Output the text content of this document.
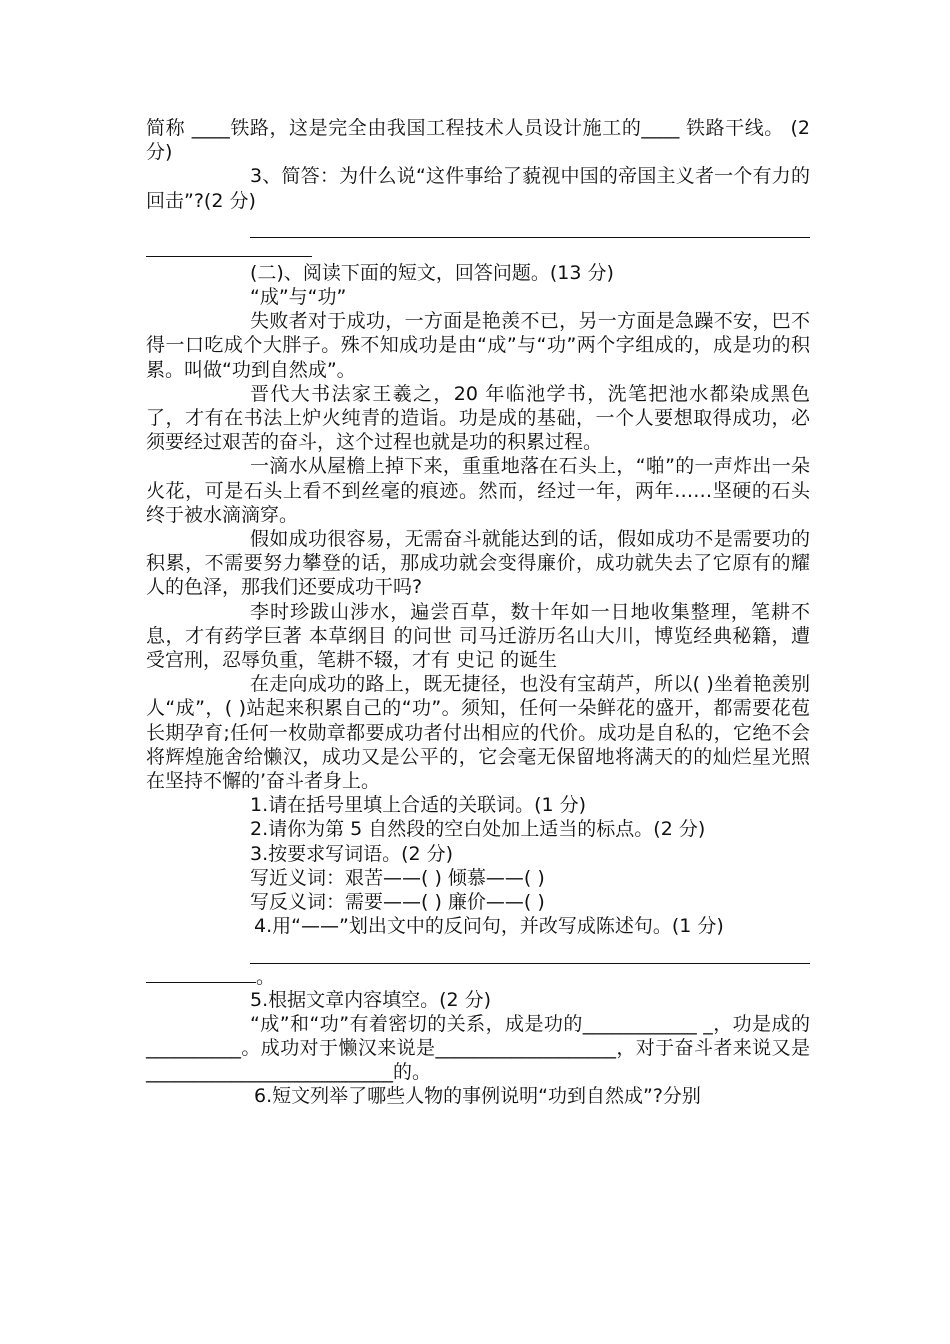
简称 ____铁路，这是完全由我国工程技术人员设计施工的____ 铁路干线。 (2 分)

3、简答：为什么说“这件事给了藐视中国的帝国主义者一个有力的回击”?(2 分)

(二)、阅读下面的短文，回答问题。(13 分)

“成”与“功”

失败者对于成功，一方面是艳羡不已，另一方面是急躁不安，巴不得一口吃成个大胖子。殊不知成功是由“成”与“功”两个字组成的，成是功的积累。叫做“功到自然成”。

晋代大书法家王羲之，20 年临池学书，洗笔把池水都染成黑色了，才有在书法上炉火纯青的造诣。功是成的基础，一个人要想取得成功，必须要经过艰苦的奋斗，这个过程也就是功的积累过程。

一滴水从屋檐上掉下来，重重地落在石头上，“啪”的一声炸出一朵火花，可是石头上看不到丝毫的痕迹。然而，经过一年，两年……坚硬的石头终于被水滴滴穿。

假如成功很容易，无需奋斗就能达到的话，假如成功不是需要功的积累，不需要努力攀登的话，那成功就会变得廉价，成功就失去了它原有的耀人的色泽，那我们还要成功干吗?

李时珍跋山涉水，遍尝百草，数十年如一日地收集整理，笔耕不息，才有药学巨著 本草纲目 的问世 司马迁游历名山大川，博览经典秘籍，遭受宫刑，忍辱负重，笔耕不辍，才有 史记 的诞生

在走向成功的路上，既无捷径，也没有宝葫芦，所以( )坐着艳羡别人“成”，( )站起来积累自己的“功”。须知，任何一朵鲜花的盛开，都需要花苞长期孕育;任何一枚勋章都要成功者付出相应的代价。成功是自私的，它绝不会将辉煌施舍给懒汉，成功又是公平的，它会毫无保留地将满天的的灿烂星光照在坚持不懈的’奋斗者身上。

1.请在括号里填上合适的关联词。(1 分)

2.请你为第 5 自然段的空白处加上适当的标点。(2 分)

3.按要求写词语。(2 分)

写近义词：艰苦——( ) 倾慕——( )

写反义词：需要——( ) 廉价——( )

4.用“——”划出文中的反问句，并改写成陈述句。(1 分)

。

5.根据文章内容填空。(2 分)

“成”和“功”有着密切的关系，成是功的____________ _，功是成的__________。成功对于懒汉来说是___________________，对于奋斗者来说又是__________________________的。

6.短文列举了哪些人物的事例说明“功到自然成”?分别
